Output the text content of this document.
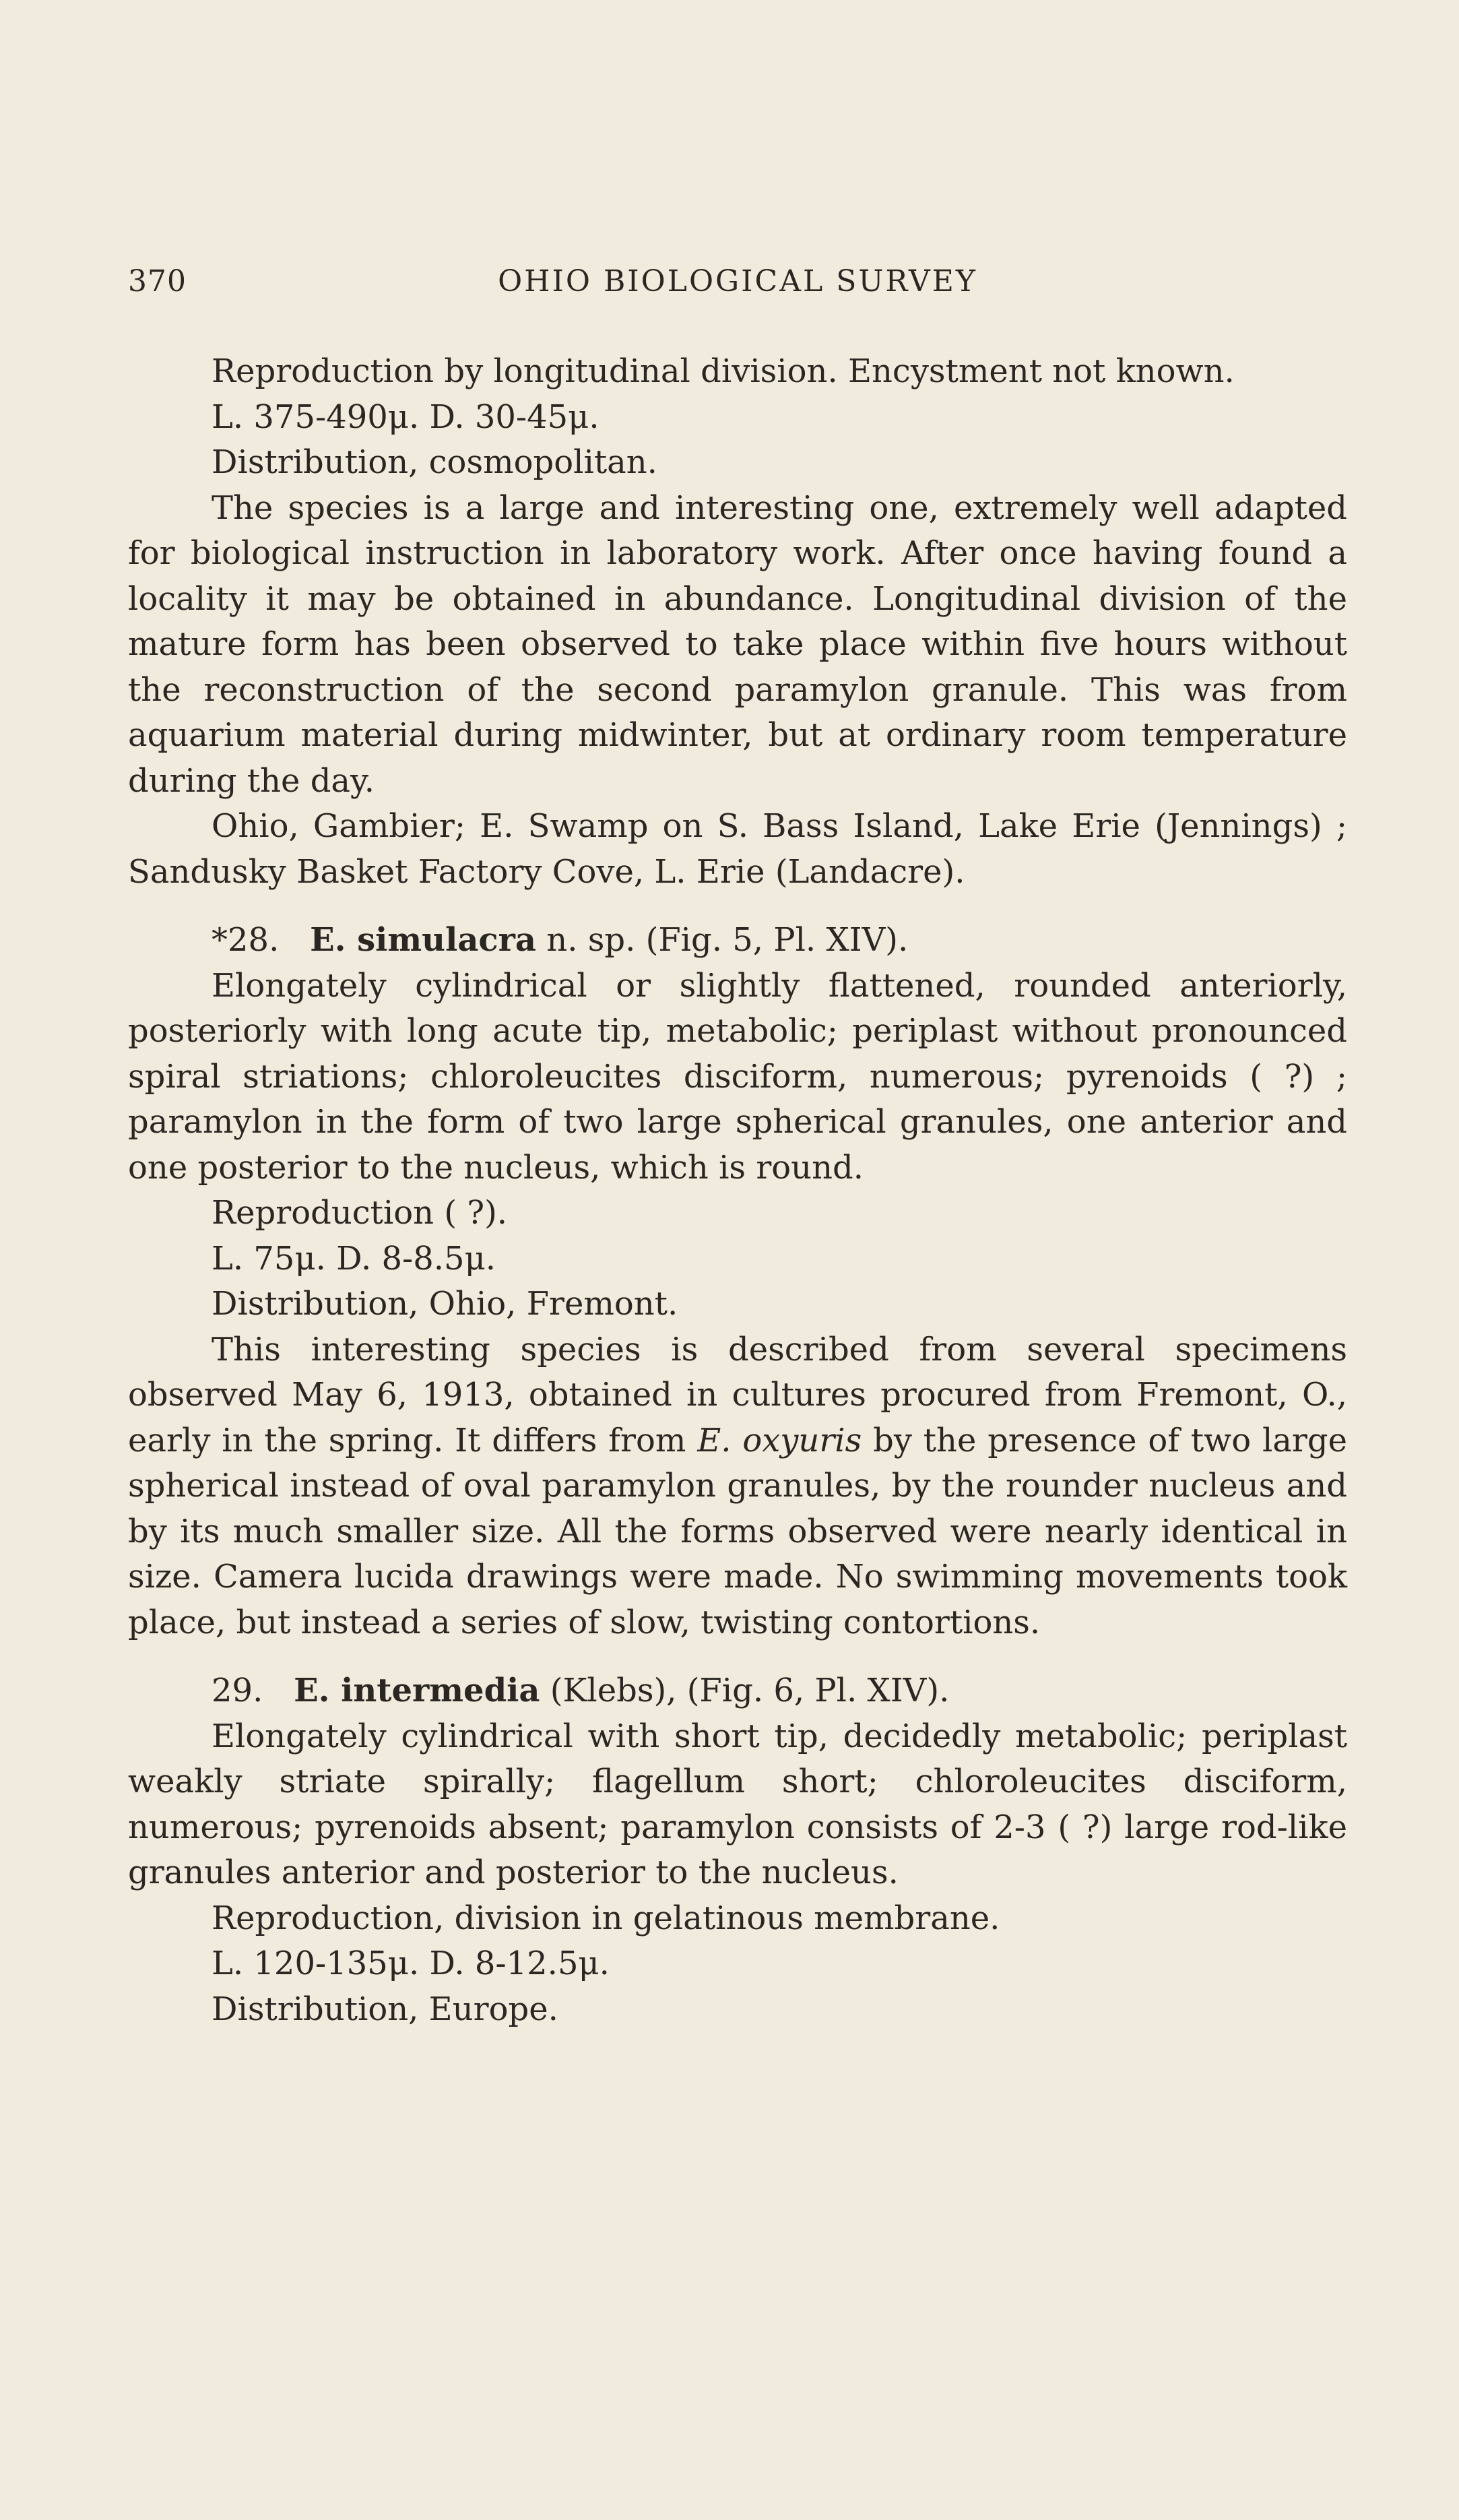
370	OHIO BIOLOGICAL SURVEY

Reproduction by longitudinal division. Encystment not known.

L. 375-490μ. D. 30-45μ.

Distribution, cosmopolitan.

The species is a large and interesting one, extremely well adapted for biological instruction in laboratory work. After once having found a locality it may be obtained in abundance. Longitudinal division of the mature form has been observed to take place within five hours without the reconstruction of the second paramylon granule. This was from aquarium material during midwinter, but at ordinary room temperature during the day.

Ohio, Gambier; E. Swamp on S. Bass Island, Lake Erie (Jennings) ; Sandusky Basket Factory Cove, L. Erie (Landacre).

*28. E. simulacra n. sp. (Fig. 5, Pl. XIV).

Elongately cylindrical or slightly flattened, rounded anteriorly, posteriorly with long acute tip, metabolic; periplast without pronounced spiral striations; chloroleucites disciform, numerous; pyrenoids ( ?) ; paramylon in the form of two large spherical granules, one anterior and one posterior to the nucleus, which is round.

Reproduction ( ?).

L. 75μ. D. 8-8.5μ.

Distribution, Ohio, Fremont.

This interesting species is described from several specimens observed May 6, 1913, obtained in cultures procured from Fremont, O., early in the spring. It differs from E. oxyuris by the presence of two large spherical instead of oval paramylon granules, by the rounder nucleus and by its much smaller size. All the forms observed were nearly identical in size. Camera lucida drawings were made. No swimming movements took place, but instead a series of slow, twisting contortions.

29. E. intermedia (Klebs), (Fig. 6, Pl. XIV).

Elongately cylindrical with short tip, decidedly metabolic; periplast weakly striate spirally; flagellum short; chloroleucites disciform, numerous; pyrenoids absent; paramylon consists of 2-3 ( ?) large rod-like granules anterior and posterior to the nucleus.

Reproduction, division in gelatinous membrane.

L. 120-135μ. D. 8-12.5μ.

Distribution, Europe.
